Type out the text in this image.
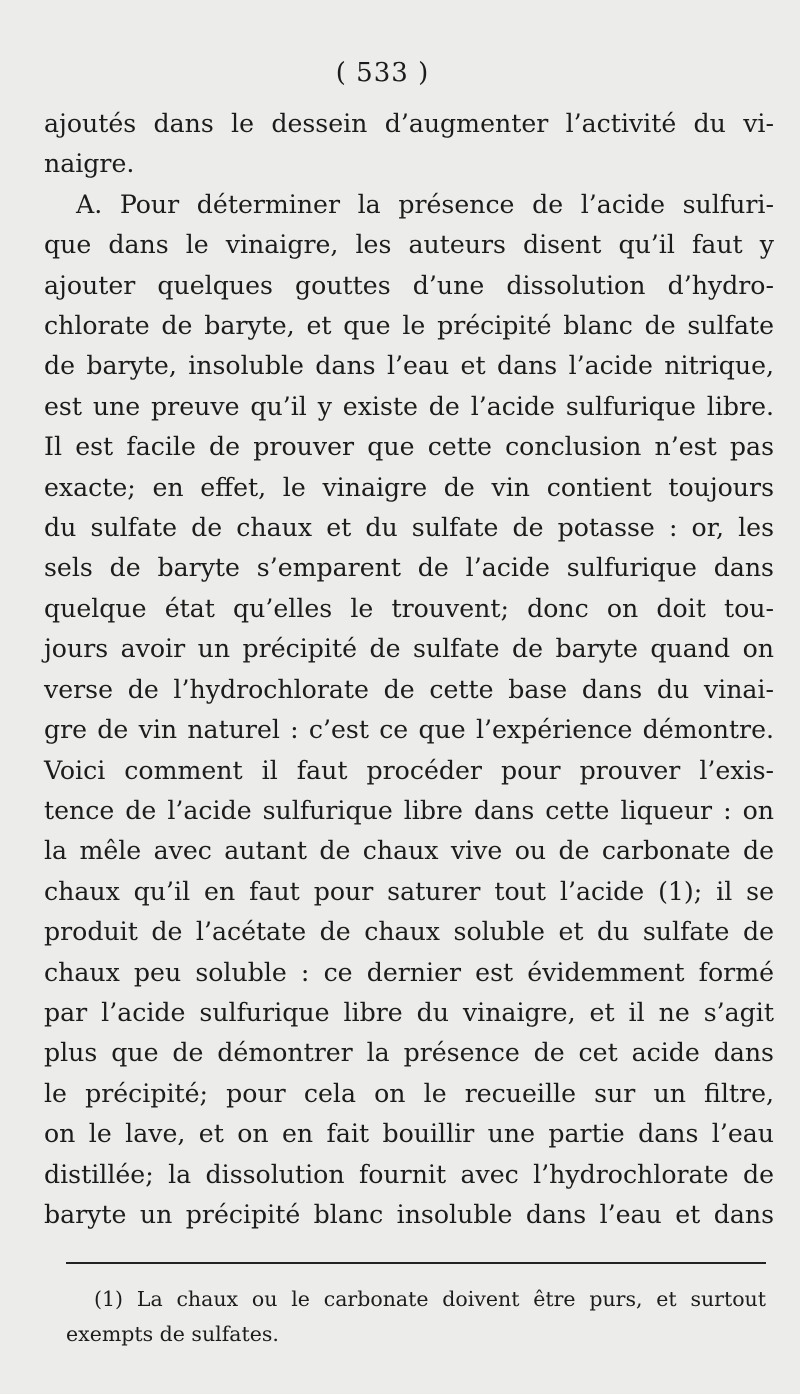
( 533 )
ajoutés dans le dessein d’augmenter l’activité du vi-
naigre.
A. Pour déterminer la présence de l’acide sulfuri-
que dans le vinaigre, les auteurs disent qu’il faut y
ajouter quelques gouttes d’une dissolution d’hydro-
chlorate de baryte, et que le précipité blanc de sulfate
de baryte, insoluble dans l’eau et dans l’acide nitrique,
est une preuve qu’il y existe de l’acide sulfurique libre.
Il est facile de prouver que cette conclusion n’est pas
exacte; en effet, le vinaigre de vin contient toujours
du sulfate de chaux et du sulfate de potasse : or, les
sels de baryte s’emparent de l’acide sulfurique dans
quelque état qu’elles le trouvent; donc on doit tou-
jours avoir un précipité de sulfate de baryte quand on
verse de l’hydrochlorate de cette base dans du vinai-
gre de vin naturel : c’est ce que l’expérience démontre.
Voici comment il faut procéder pour prouver l’exis-
tence de l’acide sulfurique libre dans cette liqueur : on
la mêle avec autant de chaux vive ou de carbonate de
chaux qu’il en faut pour saturer tout l’acide (1); il se
produit de l’acétate de chaux soluble et du sulfate de
chaux peu soluble : ce dernier est évidemment formé
par l’acide sulfurique libre du vinaigre, et il ne s’agit
plus que de démontrer la présence de cet acide dans
le précipité; pour cela on le recueille sur un filtre,
on le lave, et on en fait bouillir une partie dans l’eau
distillée; la dissolution fournit avec l’hydrochlorate de
baryte un précipité blanc insoluble dans l’eau et dans
(1) La chaux ou le carbonate doivent être purs, et surtout
exempts de sulfates.
